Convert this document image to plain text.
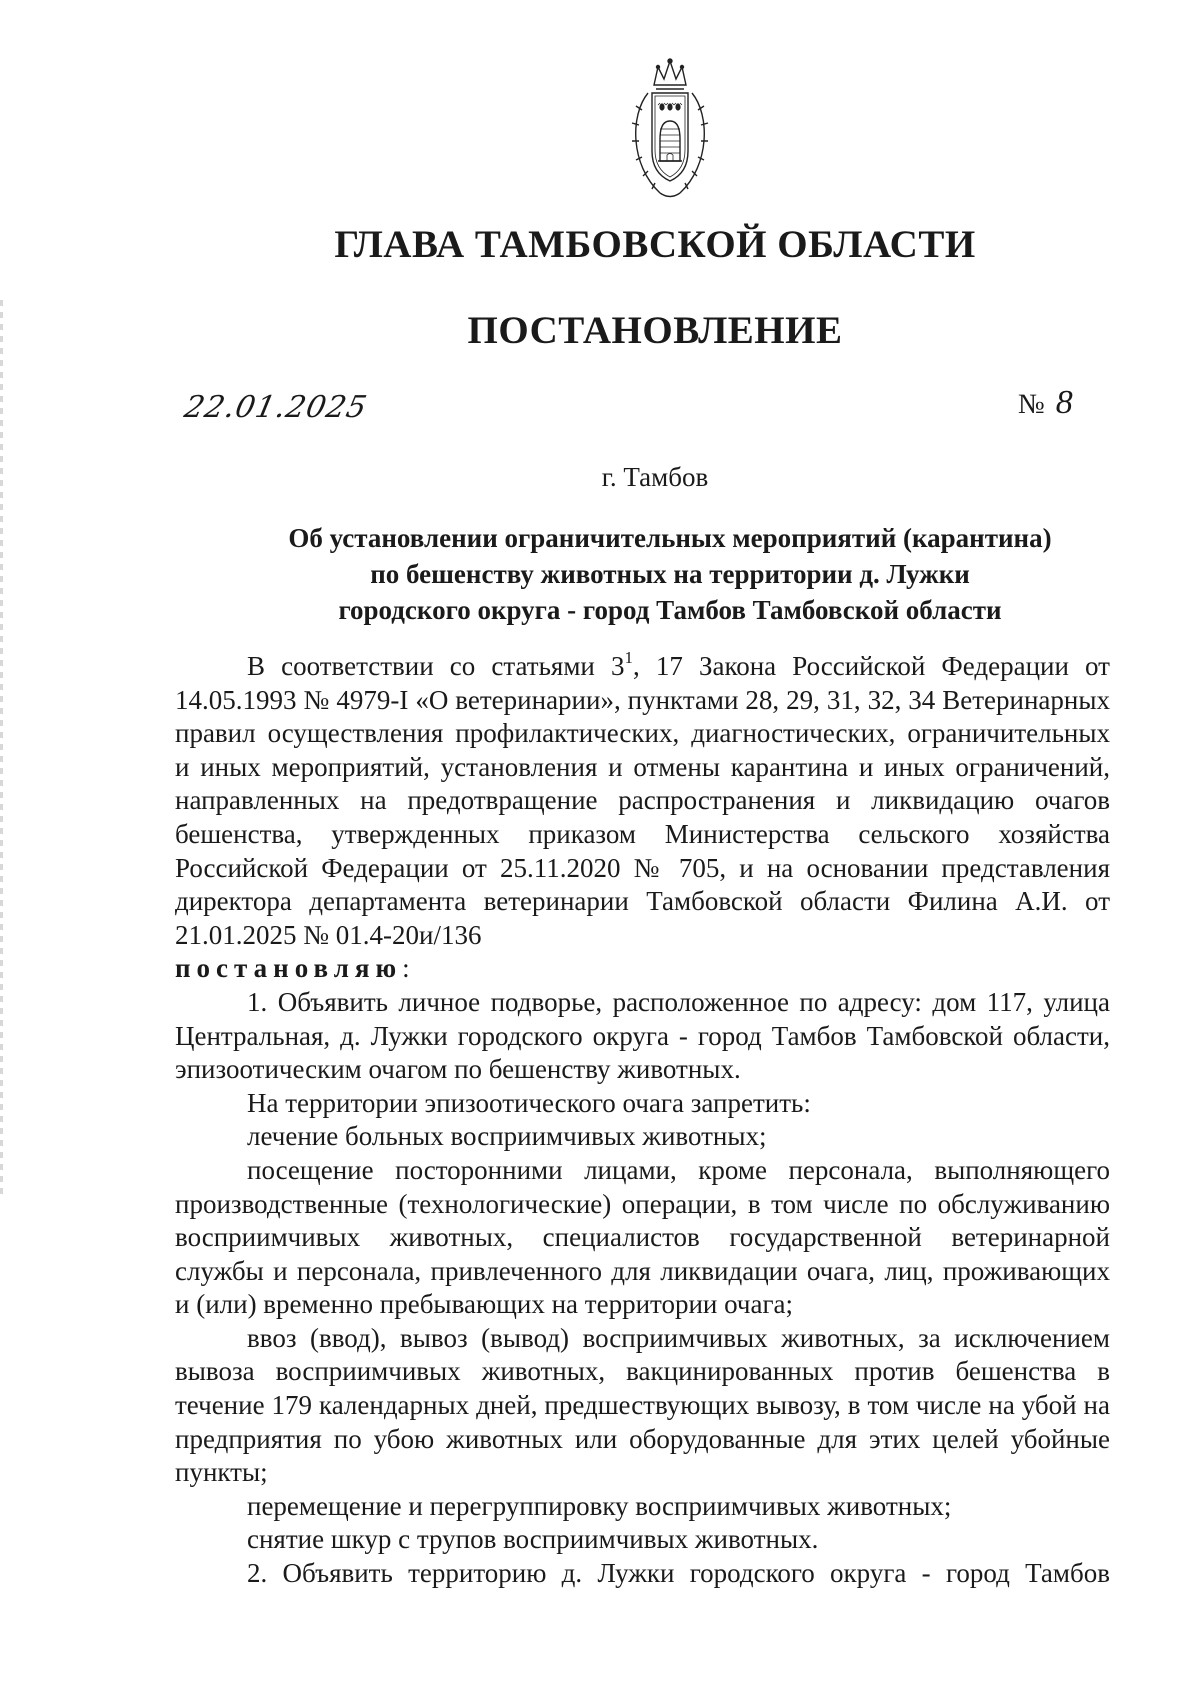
ГЛАВА ТАМБОВСКОЙ ОБЛАСТИ
ПОСТАНОВЛЕНИЕ
22.01.2025	№ 8
г. Тамбов
Об установлении ограничительных мероприятий (карантина)
по бешенству животных на территории д. Лужки
городского округа - город Тамбов Тамбовской области

В соответствии со статьями $3^1$, 17 Закона Российской Федерации от 14.05.1993 № 4979-I «О ветеринарии», пунктами 28, 29, 31, 32, 34 Ветеринарных правил осуществления профилактических, диагностических, ограничительных и иных мероприятий, установления и отмены карантина и иных ограничений, направленных на предотвращение распространения и ликвидацию очагов бешенства, утвержденных приказом Министерства сельского хозяйства Российской Федерации от 25.11.2020 № 705, и на основании представления директора департамента ветеринарии Тамбовской области Филина А.И. от 21.01.2025 № 01.4-20и/136

постановляю:

1. Объявить личное подворье, расположенное по адресу: дом 117, улица Центральная, д. Лужки городского округа - город Тамбов Тамбовской области, эпизоотическим очагом по бешенству животных.

На территории эпизоотического очага запретить:

лечение больных восприимчивых животных;

посещение посторонними лицами, кроме персонала, выполняющего производственные (технологические) операции, в том числе по обслуживанию восприимчивых животных, специалистов государственной ветеринарной службы и персонала, привлеченного для ликвидации очага, лиц, проживающих и (или) временно пребывающих на территории очага;

ввоз (ввод), вывоз (вывод) восприимчивых животных, за исключением вывоза восприимчивых животных, вакцинированных против бешенства в течение 179 календарных дней, предшествующих вывозу, в том числе на убой на предприятия по убою животных или оборудованные для этих целей убойные пункты;

перемещение и перегруппировку восприимчивых животных;

снятие шкур с трупов восприимчивых животных.

2. Объявить территорию д. Лужки городского округа - город Тамбов
